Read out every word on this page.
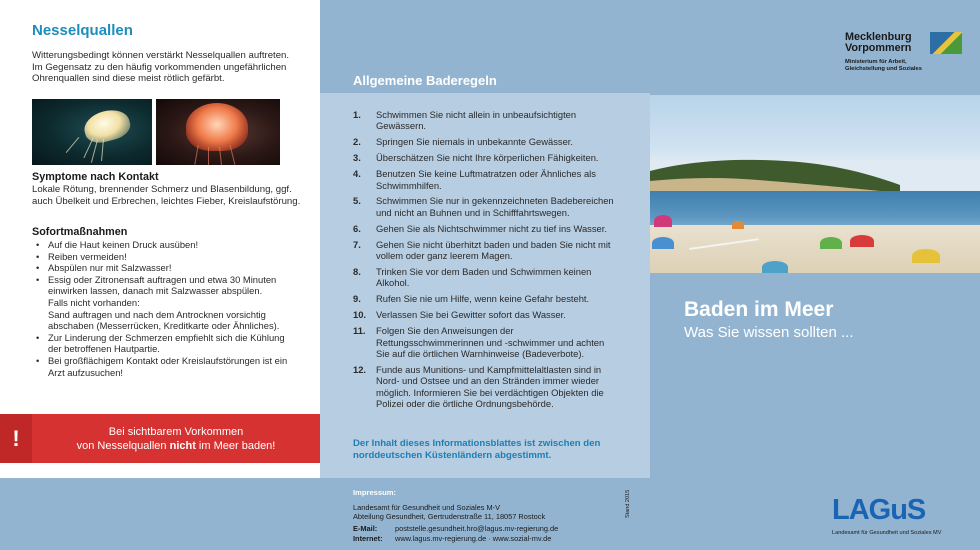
Nesselquallen
Witterungsbedingt können verstärkt Nesselquallen auftreten. Im Gegensatz zu den häufig vorkommenden ungefährlichen Ohrenquallen sind diese meist rötlich gefärbt.
Symptome nach Kontakt
Lokale Rötung, brennender Schmerz und Blasenbildung, ggf. auch Übelkeit und Erbrechen, leichtes Fieber, Kreislaufstörung.
Sofortmaßnahmen
• Auf die Haut keinen Druck ausüben!
• Reiben vermeiden!
• Abspülen nur mit Salzwasser!
• Essig oder Zitronensaft auftragen und etwa 30 Minuten einwirken lassen, danach mit Salzwasser abspülen.
Falls nicht vorhanden:
Sand auftragen und nach dem Antrocknen vorsichtig abschaben (Messerrücken, Kreditkarte oder Ähnliches).
• Zur Linderung der Schmerzen empfiehlt sich die Kühlung der betroffenen Hautpartie.
• Bei großflächigem Kontakt oder Kreislaufstörungen ist ein Arzt aufzusuchen!
!	Bei sichtbarem Vorkommen
von Nesselquallen nicht im Meer baden!
Allgemeine Baderegeln
1. Schwimmen Sie nicht allein in unbeaufsichtigten Gewässern.
2. Springen Sie niemals in unbekannte Gewässer.
3. Überschätzen Sie nicht Ihre körperlichen Fähigkeiten.
4. Benutzen Sie keine Luftmatratzen oder Ähnliches als Schwimmhilfen.
5. Schwimmen Sie nur in gekennzeichneten Badebereichen und nicht an Buhnen und in Schifffahrtswegen.
6. Gehen Sie als Nichtschwimmer nicht zu tief ins Wasser.
7. Gehen Sie nicht überhitzt baden und baden Sie nicht mit vollem oder ganz leerem Magen.
8. Trinken Sie vor dem Baden und Schwimmen keinen Alkohol.
9. Rufen Sie nie um Hilfe, wenn keine Gefahr besteht.
10. Verlassen Sie bei Gewitter sofort das Wasser.
11. Folgen Sie den Anweisungen der Rettungsschwimmerinnen und -schwimmer und achten Sie auf die örtlichen Warnhinweise (Badeverbote).
12. Funde aus Munitions- und Kampfmittelaltlasten sind in Nord- und Ostsee und an den Stränden immer wieder möglich. Informieren Sie bei verdächtigen Objekten die Polizei oder die örtliche Ordnungsbehörde.
Der Inhalt dieses Informationsblattes ist zwischen den norddeutschen Küstenländern abgestimmt.
Mecklenburg
Vorpommern
Ministerium für Arbeit,
Gleichstellung und Soziales
Baden im Meer
Was Sie wissen sollten ...
Impressum:
Landesamt für Gesundheit und Soziales M-V
Abteilung Gesundheit, Gertrudenstraße 11, 18057 Rostock
E-Mail:	poststelle.gesundheit.hro@lagus.mv-regierung.de
Internet:	www.lagus.mv-regierung.de · www.sozial-mv.de
Stand 2015	LAGuS
Landesamt für Gesundheit und Soziales MV
